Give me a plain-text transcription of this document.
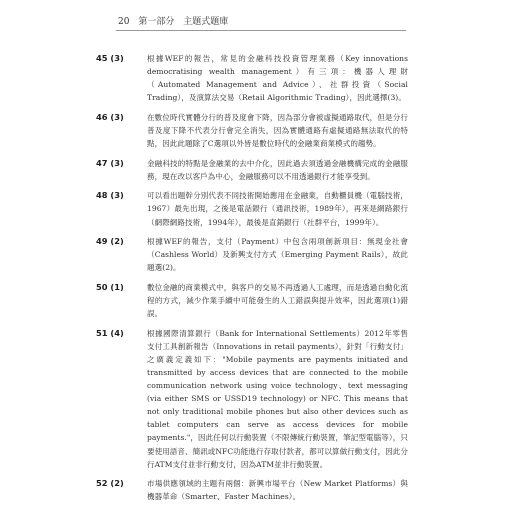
20 第一部分 主題式題庫
45 (3)	根據WEF的報告，常見的金融科技投資管理業務（Key innovations democratising wealth management）有三項：機器人理財（Automated Management and Advice）、社群投資（Social Trading），及演算法交易（Retail Algorithmic Trading），因此選擇(3)。
46 (3)	在數位時代實體分行的普及度會下降，因為部分會被虛擬通路取代，但是分行普及度下降不代表分行會完全消失，因為實體通路有虛擬通路無法取代的特點，因此此題除了C選項以外皆是數位時代的金融業商業模式的趨勢。
47 (3)	金融科技的特點是金融業的去中介化，因此過去須透過金融機構完成的金融服務，現在改以客戶為中心，金融服務可以不用透過銀行才能享受到。
48 (3)	可以看出題幹分別代表不同技術開始應用在金融業，自動櫃員機（電腦技術，1967）最先出現，之後是電話銀行（通訊技術，1989年），再來是網路銀行（網際網路技術，1994年），最後是直銷銀行（社群平台，1999年）。
49 (2)	根據WEF的報告，支付（Payment）中包含兩項創新項目：無現金社會（Cashless World）及新興支付方式（Emerging Payment Rails），故此題選(2)。
50 (1)	數位金融的商業模式中，與客戶的交易不再透過人工處理，而是透過自動化流程的方式，減少作業手續中可能發生的人工錯誤與提升效率，因此選項(1)錯誤。
51 (4)	根據國際清算銀行（Bank for International Settlements）2012年零售支付工具創新報告（Innovations in retail payments），針對「行動支付」之廣義定義如下："Mobile payments are payments initiated and transmitted by access devices that are connected to the mobile communication network using voice technology、text messaging (via either SMS or USSD19 technology) or NFC. This means that not only traditional mobile phones but also other devices such as tablet computers can serve as access devices for mobile payments."，因此任何以行動裝置（不限傳統行動裝置，筆記型電腦等），只要使用語音、簡訊或NFC功能進行存取付款者，都可以算做行動支付，因此分行ATM支付並非行動支付，因為ATM並非行動裝置。
52 (2)	市場供應領域的主題有兩個：新興市場平台（New Market Platforms）與機器革命（Smarter、Faster Machines）。
